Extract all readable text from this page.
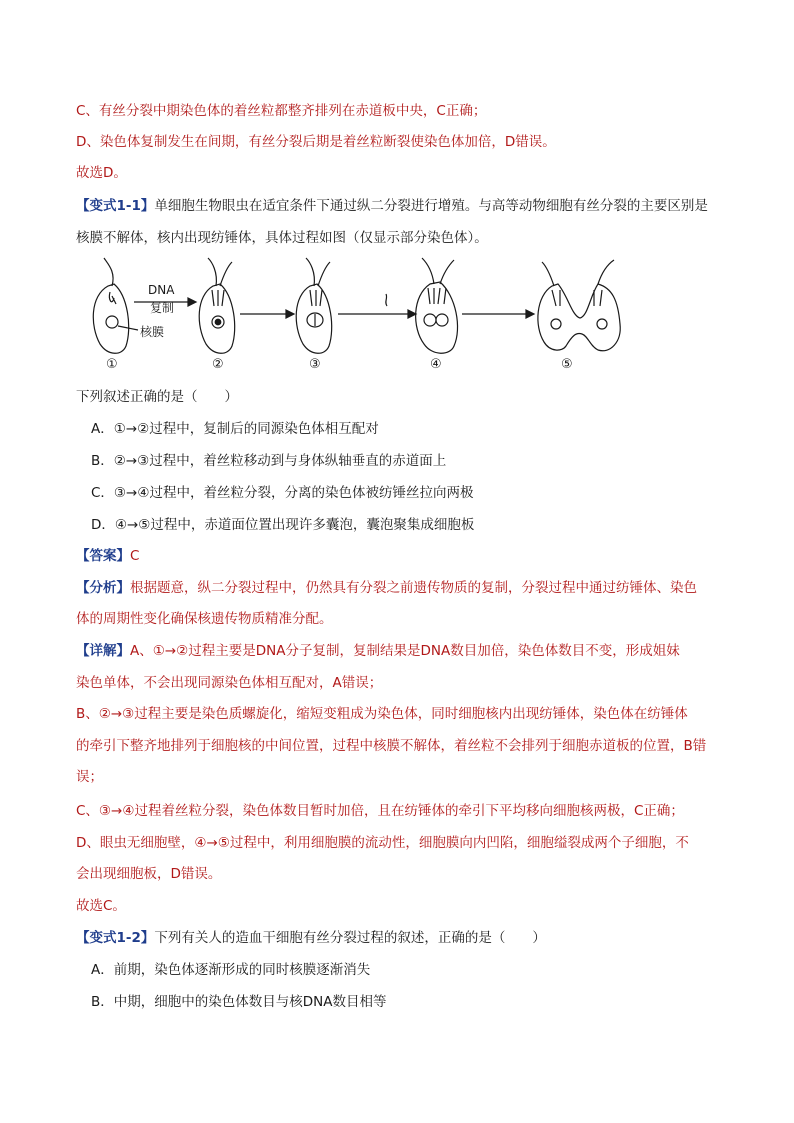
C、有丝分裂中期染色体的着丝粒都整齐排列在赤道板中央，C正确；
D、染色体复制发生在间期，有丝分裂后期是着丝粒断裂使染色体加倍，D错误。
故选D。
【变式1-1】单细胞生物眼虫在适宜条件下通过纵二分裂进行增殖。与高等动物细胞有丝分裂的主要区别是
核膜不解体，核内出现纺锤体，具体过程如图（仅显示部分染色体）。
DNA
复制
核膜
①	②	③	④	⑤
下列叙述正确的是（　　）
A．①→②过程中，复制后的同源染色体相互配对
B．②→③过程中，着丝粒移动到与身体纵轴垂直的赤道面上
C．③→④过程中，着丝粒分裂，分离的染色体被纺锤丝拉向两极
D．④→⑤过程中，赤道面位置出现许多囊泡，囊泡聚集成细胞板
【答案】C
【分析】根据题意，纵二分裂过程中，仍然具有分裂之前遗传物质的复制，分裂过程中通过纺锤体、染色
体的周期性变化确保核遗传物质精准分配。
【详解】A、①→②过程主要是DNA分子复制，复制结果是DNA数目加倍，染色体数目不变，形成姐妹
染色单体，不会出现同源染色体相互配对，A错误；
B、②→③过程主要是染色质螺旋化，缩短变粗成为染色体，同时细胞核内出现纺锤体，染色体在纺锤体
的牵引下整齐地排列于细胞核的中间位置，过程中核膜不解体，着丝粒不会排列于细胞赤道板的位置，B错
误；
C、③→④过程着丝粒分裂，染色体数目暂时加倍，且在纺锤体的牵引下平均移向细胞核两极，C正确；
D、眼虫无细胞壁，④→⑤过程中，利用细胞膜的流动性，细胞膜向内凹陷，细胞缢裂成两个子细胞，不
会出现细胞板，D错误。
故选C。
【变式1-2】下列有关人的造血干细胞有丝分裂过程的叙述，正确的是（　　）
A．前期，染色体逐渐形成的同时核膜逐渐消失
B．中期，细胞中的染色体数目与核DNA数目相等
